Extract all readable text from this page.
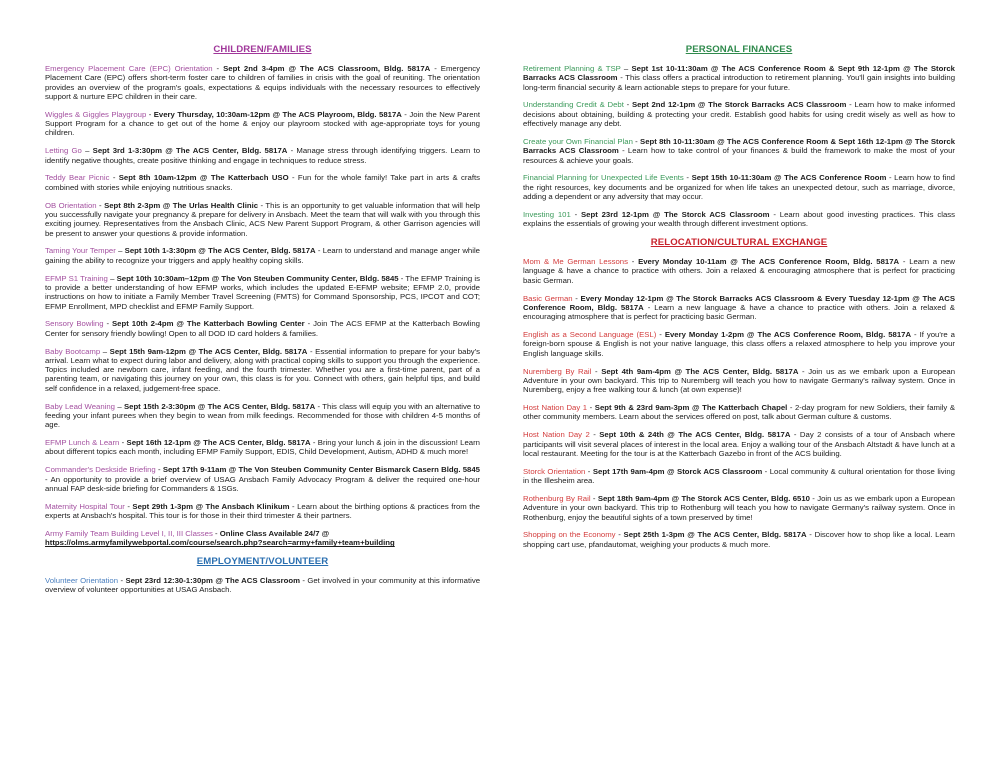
CHILDREN/FAMILIES
Emergency Placement Care (EPC) Orientation - Sept 2nd 3-4pm @ The ACS Classroom, Bldg. 5817A - Emergency Placement Care (EPC) offers short-term foster care to children of families in crisis with the goal of reuniting. The orientation provides an overview of the program's goals, expectations & equips individuals with the necessary resources to effectively support & nurture EPC children in their care.
Wiggles & Giggles Playgroup - Every Thursday, 10:30am-12pm @ The ACS Playroom, Bldg. 5817A - Join the New Parent Support Program for a chance to get out of the home & enjoy our playroom stocked with age-appropriate toys for young children.
Letting Go – Sept 3rd 1-3:30pm @ The ACS Center, Bldg. 5817A - Manage stress through identifying triggers. Learn to identify negative thoughts, create positive thinking and engage in techniques to reduce stress.
Teddy Bear Picnic - Sept 8th 10am-12pm @ The Katterbach USO - Fun for the whole family! Take part in arts & crafts combined with stories while enjoying nutritious snacks.
OB Orientation - Sept 8th 2-3pm @ The Urlas Health Clinic - This is an opportunity to get valuable information that will help you successfully navigate your pregnancy & prepare for delivery in Ansbach. Meet the team that will walk with you through this exciting journey. Representatives from the Ansbach Clinic, ACS New Parent Support Program, & other Garrison agencies will be present to answer your questions & provide information.
Taming Your Temper – Sept 10th 1-3:30pm @ The ACS Center, Bldg. 5817A - Learn to understand and manage anger while gaining the ability to recognize your triggers and apply healthy coping skills.
EFMP S1 Training – Sept 10th 10:30am–12pm @ The Von Steuben Community Center, Bldg. 5845 - The EFMP Training is to provide a better understanding of how EFMP works, which includes the updated E-EFMP website; EFMP 2.0, provide instructions on how to initiate a Family Member Travel Screening (FMTS) for Command Sponsorship, PCS, IPCOT and COT; EFMP Enrollment, MPD checklist and EFMP Family Support.
Sensory Bowling - Sept 10th 2-4pm @ The Katterbach Bowling Center - Join The ACS EFMP at the Katterbach Bowling Center for sensory friendly bowling! Open to all DOD ID card holders & families.
Baby Bootcamp – Sept 15th 9am-12pm @ The ACS Center, Bldg. 5817A - Essential information to prepare for your baby's arrival. Learn what to expect during labor and delivery, along with practical coping skills to support you through the experience. Topics included are newborn care, infant feeding, and the fourth trimester. Whether you are a first-time parent, part of a parenting team, or navigating this journey on your own, this class is for you. Connect with others, gain helpful tips, and build self confidence in a relaxed, judgement-free space.
Baby Lead Weaning – Sept 15th 2-3:30pm @ The ACS Center, Bldg. 5817A - This class will equip you with an alternative to feeding your infant purees when they begin to wean from milk feedings. Recommended for those with children 4-5 months of age.
EFMP Lunch & Learn - Sept 16th 12-1pm @ The ACS Center, Bldg. 5817A - Bring your lunch & join in the discussion! Learn about different topics each month, including EFMP Family Support, EDIS, Child Development, Autism, ADHD & much more!
Commander's Deskside Briefing - Sept 17th 9-11am @ The Von Steuben Community Center Bismarck Casern Bldg. 5845 - An opportunity to provide a brief overview of USAG Ansbach Family Advocacy Program & deliver the required one-hour annual FAP desk-side briefing for Commanders & 1SGs.
Maternity Hospital Tour - Sept 29th 1-3pm @ The Ansbach Klinikum - Learn about the birthing options & practices from the experts at Ansbach's hospital. This tour is for those in their third trimester & their partners.
Army Family Team Building Level I, II, III Classes - Online Class Available 24/7 @
https://olms.armyfamilywebportal.com/course/search.php?search=army+family+team+building
EMPLOYMENT/VOLUNTEER
Volunteer Orientation - Sept 23rd 12:30-1:30pm @ The ACS Classroom - Get involved in your community at this informative overview of volunteer opportunities at USAG Ansbach.
PERSONAL FINANCES
Retirement Planning & TSP – Sept 1st 10-11:30am @ The ACS Conference Room & Sept 9th 12-1pm @ The Storck Barracks ACS Classroom - This class offers a practical introduction to retirement planning. You'll gain insights into building long-term financial security & learn actionable steps to prepare for your future.
Understanding Credit & Debt - Sept 2nd 12-1pm @ The Storck Barracks ACS Classroom - Learn how to make informed decisions about obtaining, building & protecting your credit. Establish good habits for using credit wisely as well as how to effectively manage any debt.
Create your Own Financial Plan - Sept 8th 10-11:30am @ The ACS Conference Room & Sept 16th 12-1pm @ The Storck Barracks ACS Classroom - Learn how to take control of your finances & build the framework to make the most of your resources & achieve your goals.
Financial Planning for Unexpected Life Events - Sept 15th 10-11:30am @ The ACS Conference Room - Learn how to find the right resources, key documents and be organized for when life takes an unexpected detour, such as marriage, divorce, adding a dependent or any adversity that may occur.
Investing 101 - Sept 23rd 12-1pm @ The Storck ACS Classroom - Learn about good investing practices. This class explains the essentials of growing your wealth through different investment options.
RELOCATION/CULTURAL EXCHANGE
Mom & Me German Lessons - Every Monday 10-11am @ The ACS Conference Room, Bldg. 5817A - Learn a new language & have a chance to practice with others. Join a relaxed & encouraging atmosphere that is perfect for practicing basic German.
Basic German - Every Monday 12-1pm @ The Storck Barracks ACS Classroom & Every Tuesday 12-1pm @ The ACS Conference Room, Bldg. 5817A - Learn a new language & have a chance to practice with others. Join a relaxed & encouraging atmosphere that is perfect for practicing basic German.
English as a Second Language (ESL) - Every Monday 1-2pm @ The ACS Conference Room, Bldg. 5817A - If you're a foreign-born spouse & English is not your native language, this class offers a relaxed atmosphere to help you improve your English language skills.
Nuremberg By Rail - Sept 4th 9am-4pm @ The ACS Center, Bldg. 5817A - Join us as we embark upon a European Adventure in your own backyard. This trip to Nuremberg will teach you how to navigate Germany's railway system. Once in Nuremberg, enjoy a free walking tour & lunch (at own expense)!
Host Nation Day 1 - Sept 9th & 23rd 9am-3pm @ The Katterbach Chapel - 2-day program for new Soldiers, their family & other community members. Learn about the services offered on post, talk about German culture & customs.
Host Nation Day 2 - Sept 10th & 24th @ The ACS Center, Bldg. 5817A - Day 2 consists of a tour of Ansbach where participants will visit several places of interest in the local area. Enjoy a walking tour of the Ansbach Altstadt & have lunch at a local restaurant. Meeting for the tour is at the Katterbach Gazebo in front of the ACS building.
Storck Orientation - Sept 17th 9am-4pm @ Storck ACS Classroom - Local community & cultural orientation for those living in the Illesheim area.
Rothenburg By Rail - Sept 18th 9am-4pm @ The Storck ACS Center, Bldg. 6510 - Join us as we embark upon a European Adventure in your own backyard. This trip to Rothenburg will teach you how to navigate Germany's railway system. Once in Rothenburg, enjoy the beautiful sights of a town preserved by time!
Shopping on the Economy - Sept 25th 1-3pm @ The ACS Center, Bldg. 5817A - Discover how to shop like a local. Learn shopping cart use, pfandautomat, weighing your products & much more.
